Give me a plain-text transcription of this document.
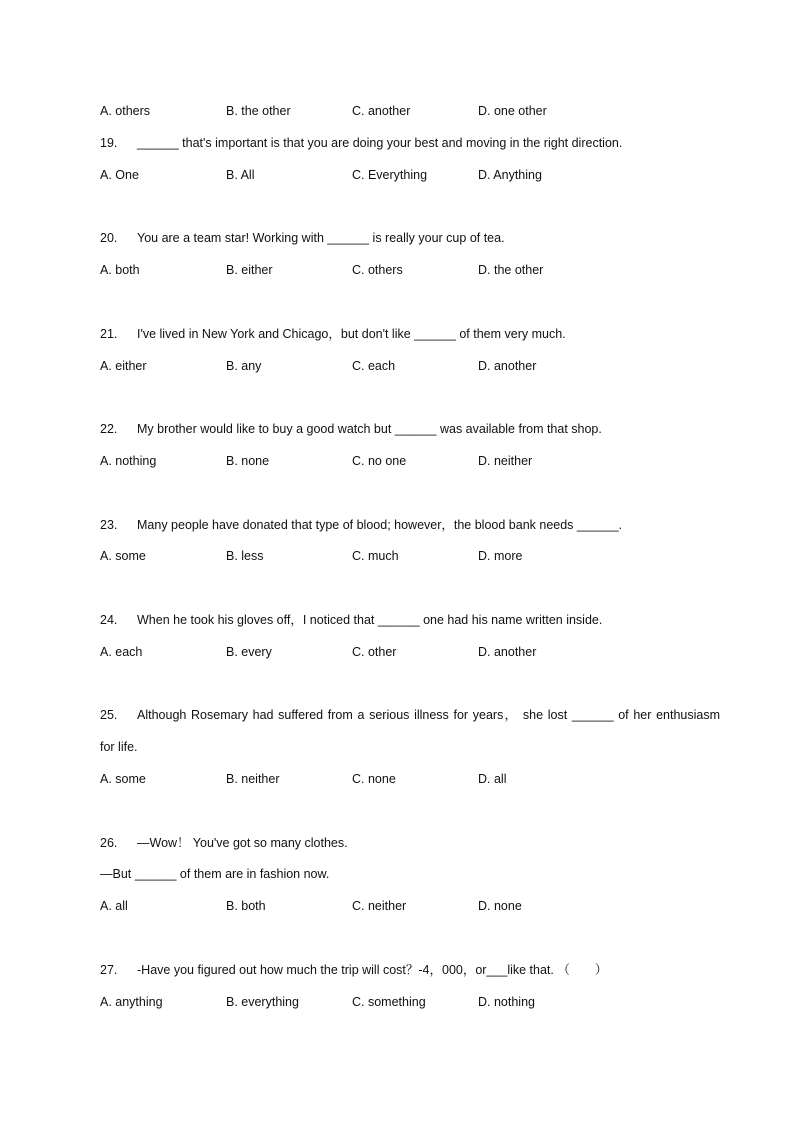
A. others	B. the other	C. another	D. one other
19. ______ that's important is that you are doing your best and moving in the right direction.
A. One	B. All	C. Everything	D. Anything
20. You are a team star! Working with ______ is really your cup of tea.
A. both	B. either	C. others	D. the other
21. I've lived in New York and Chicago，but don't like ______ of them very much.
A. either	B. any	C. each	D. another
22. My brother would like to buy a good watch but ______ was available from that shop.
A. nothing	B. none	C. no one	D. neither
23. Many people have donated that type of blood; however，the blood bank needs ______.
A. some	B. less	C. much	D. more
24. When he took his gloves off，I noticed that ______ one had his name written inside.
A. each	B. every	C. other	D. another
25. Although Rosemary had suffered from a serious illness for years， she lost ______ of her enthusiasm
for life.
A. some	B. neither	C. none	D. all
26. —Wow！ You've got so many clothes.
—But ______ of them are in fashion now.
A. all	B. both	C. neither	D. none
27. -Have you figured out how much the trip will cost？-4，000，or___like that. （　　）
A. anything	B. everything	C. something	D. nothing
